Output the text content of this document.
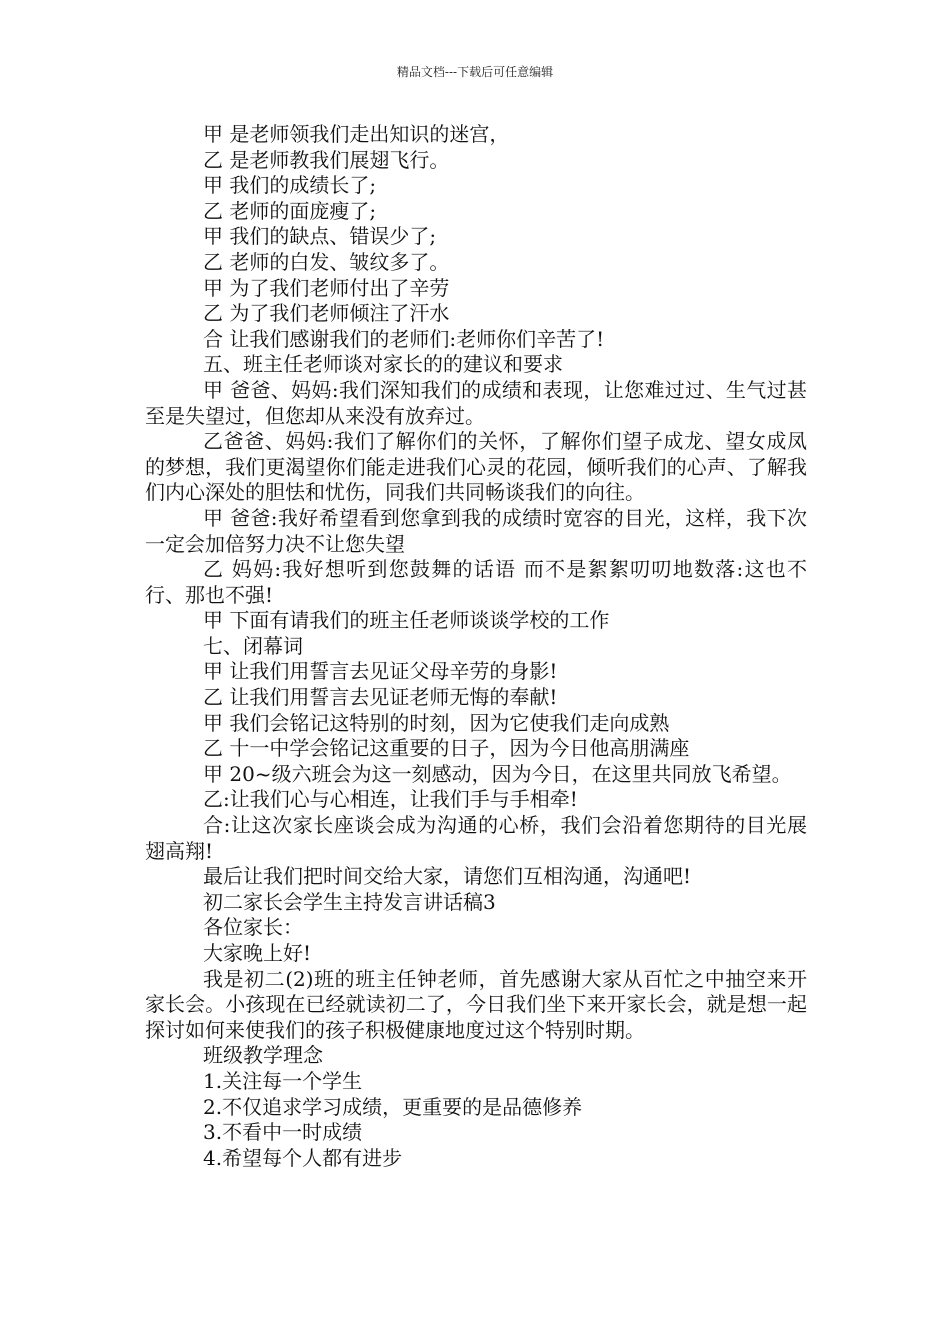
精品文档---下载后可任意编辑

甲 是老师领我们走出知识的迷宫，

乙 是老师教我们展翅飞行。

甲 我们的成绩长了;

乙 老师的面庞瘦了;

甲 我们的缺点、错误少了;

乙 老师的白发、皱纹多了。

甲 为了我们老师付出了辛劳

乙 为了我们老师倾注了汗水

合 让我们感谢我们的老师们:老师你们辛苦了!

五、班主任老师谈对家长的的建议和要求

甲 爸爸、妈妈:我们深知我们的成绩和表现，让您难过过、生气过甚至是失望过，但您却从来没有放弃过。

乙爸爸、妈妈:我们了解你们的关怀，了解你们望子成龙、望女成凤的梦想，我们更渴望你们能走进我们心灵的花园，倾听我们的心声、了解我们内心深处的胆怯和忧伤，同我们共同畅谈我们的向往。

甲 爸爸:我好希望看到您拿到我的成绩时宽容的目光，这样，我下次一定会加倍努力决不让您失望

乙 妈妈:我好想听到您鼓舞的话语 而不是絮絮叨叨地数落:这也不行、那也不强!

甲 下面有请我们的班主任老师谈谈学校的工作

七、闭幕词

甲 让我们用誓言去见证父母辛劳的身影!

乙 让我们用誓言去见证老师无悔的奉献!

甲 我们会铭记这特别的时刻，因为它使我们走向成熟

乙 十一中学会铭记这重要的日子，因为今日他高朋满座

甲 20~级六班会为这一刻感动，因为今日，在这里共同放飞希望。

乙:让我们心与心相连，让我们手与手相牵!

合:让这次家长座谈会成为沟通的心桥，我们会沿着您期待的目光展翅高翔!

最后让我们把时间交给大家，请您们互相沟通，沟通吧!

初二家长会学生主持发言讲话稿3

各位家长：

大家晚上好!

我是初二(2)班的班主任钟老师，首先感谢大家从百忙之中抽空来开家长会。小孩现在已经就读初二了，今日我们坐下来开家长会，就是想一起探讨如何来使我们的孩子积极健康地度过这个特别时期。

班级教学理念

1.关注每一个学生

2.不仅追求学习成绩，更重要的是品德修养

3.不看中一时成绩

4.希望每个人都有进步
